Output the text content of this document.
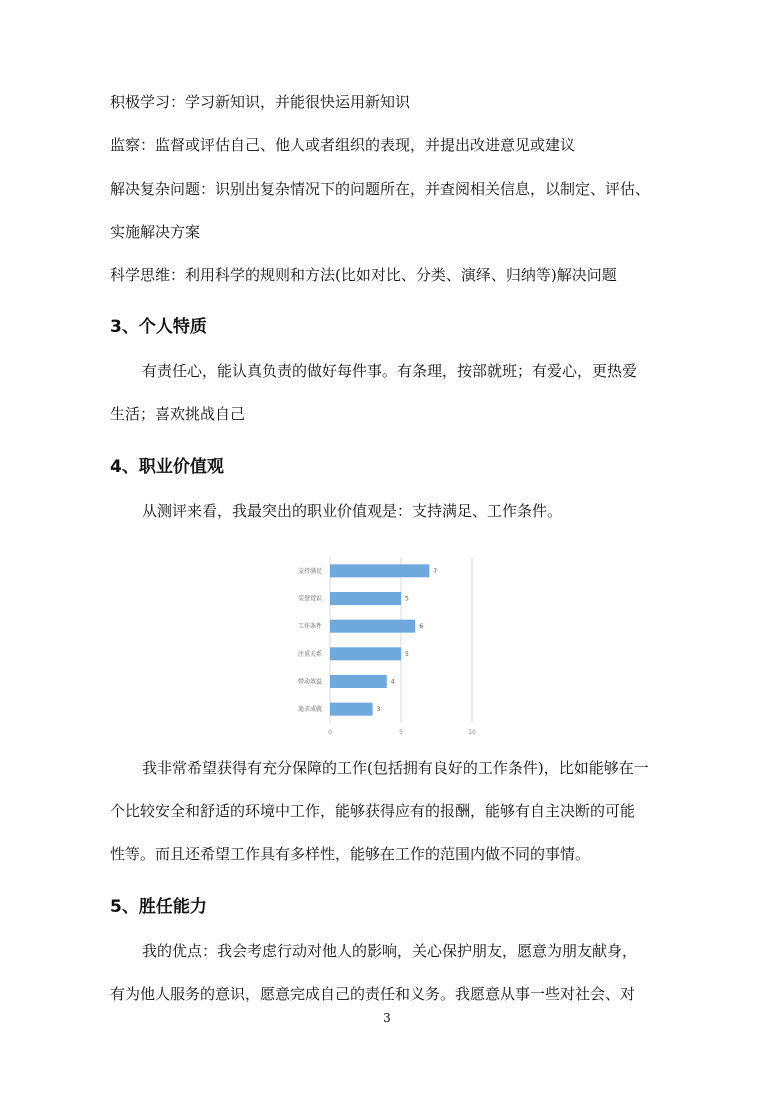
积极学习：学习新知识，并能很快运用新知识
监察：监督或评估自己、他人或者组织的表现，并提出改进意见或建议
解决复杂问题：识别出复杂情况下的问题所在，并查阅相关信息，以制定、评估、
实施解决方案
科学思维：利用科学的规则和方法(比如对比、分类、演绎、归纳等)解决问题
3、个人特质
有责任心，能认真负责的做好每件事。有条理，按部就班；有爱心，更热爱
生活；喜欢挑战自己
4、职业价值观
从测评来看，我最突出的职业价值观是：支持满足、工作条件。
0	5	10
支持满足	7
荣誉赏识	5
工作条件	6
注重关系	5
带动效益	4
追求成就	3
我非常希望获得有充分保障的工作(包括拥有良好的工作条件)，比如能够在一
个比较安全和舒适的环境中工作，能够获得应有的报酬，能够有自主决断的可能
性等。而且还希望工作具有多样性，能够在工作的范围内做不同的事情。
5、胜任能力
我的优点：我会考虑行动对他人的影响，关心保护朋友，愿意为朋友献身，
有为他人服务的意识，愿意完成自己的责任和义务。我愿意从事一些对社会、对
3
